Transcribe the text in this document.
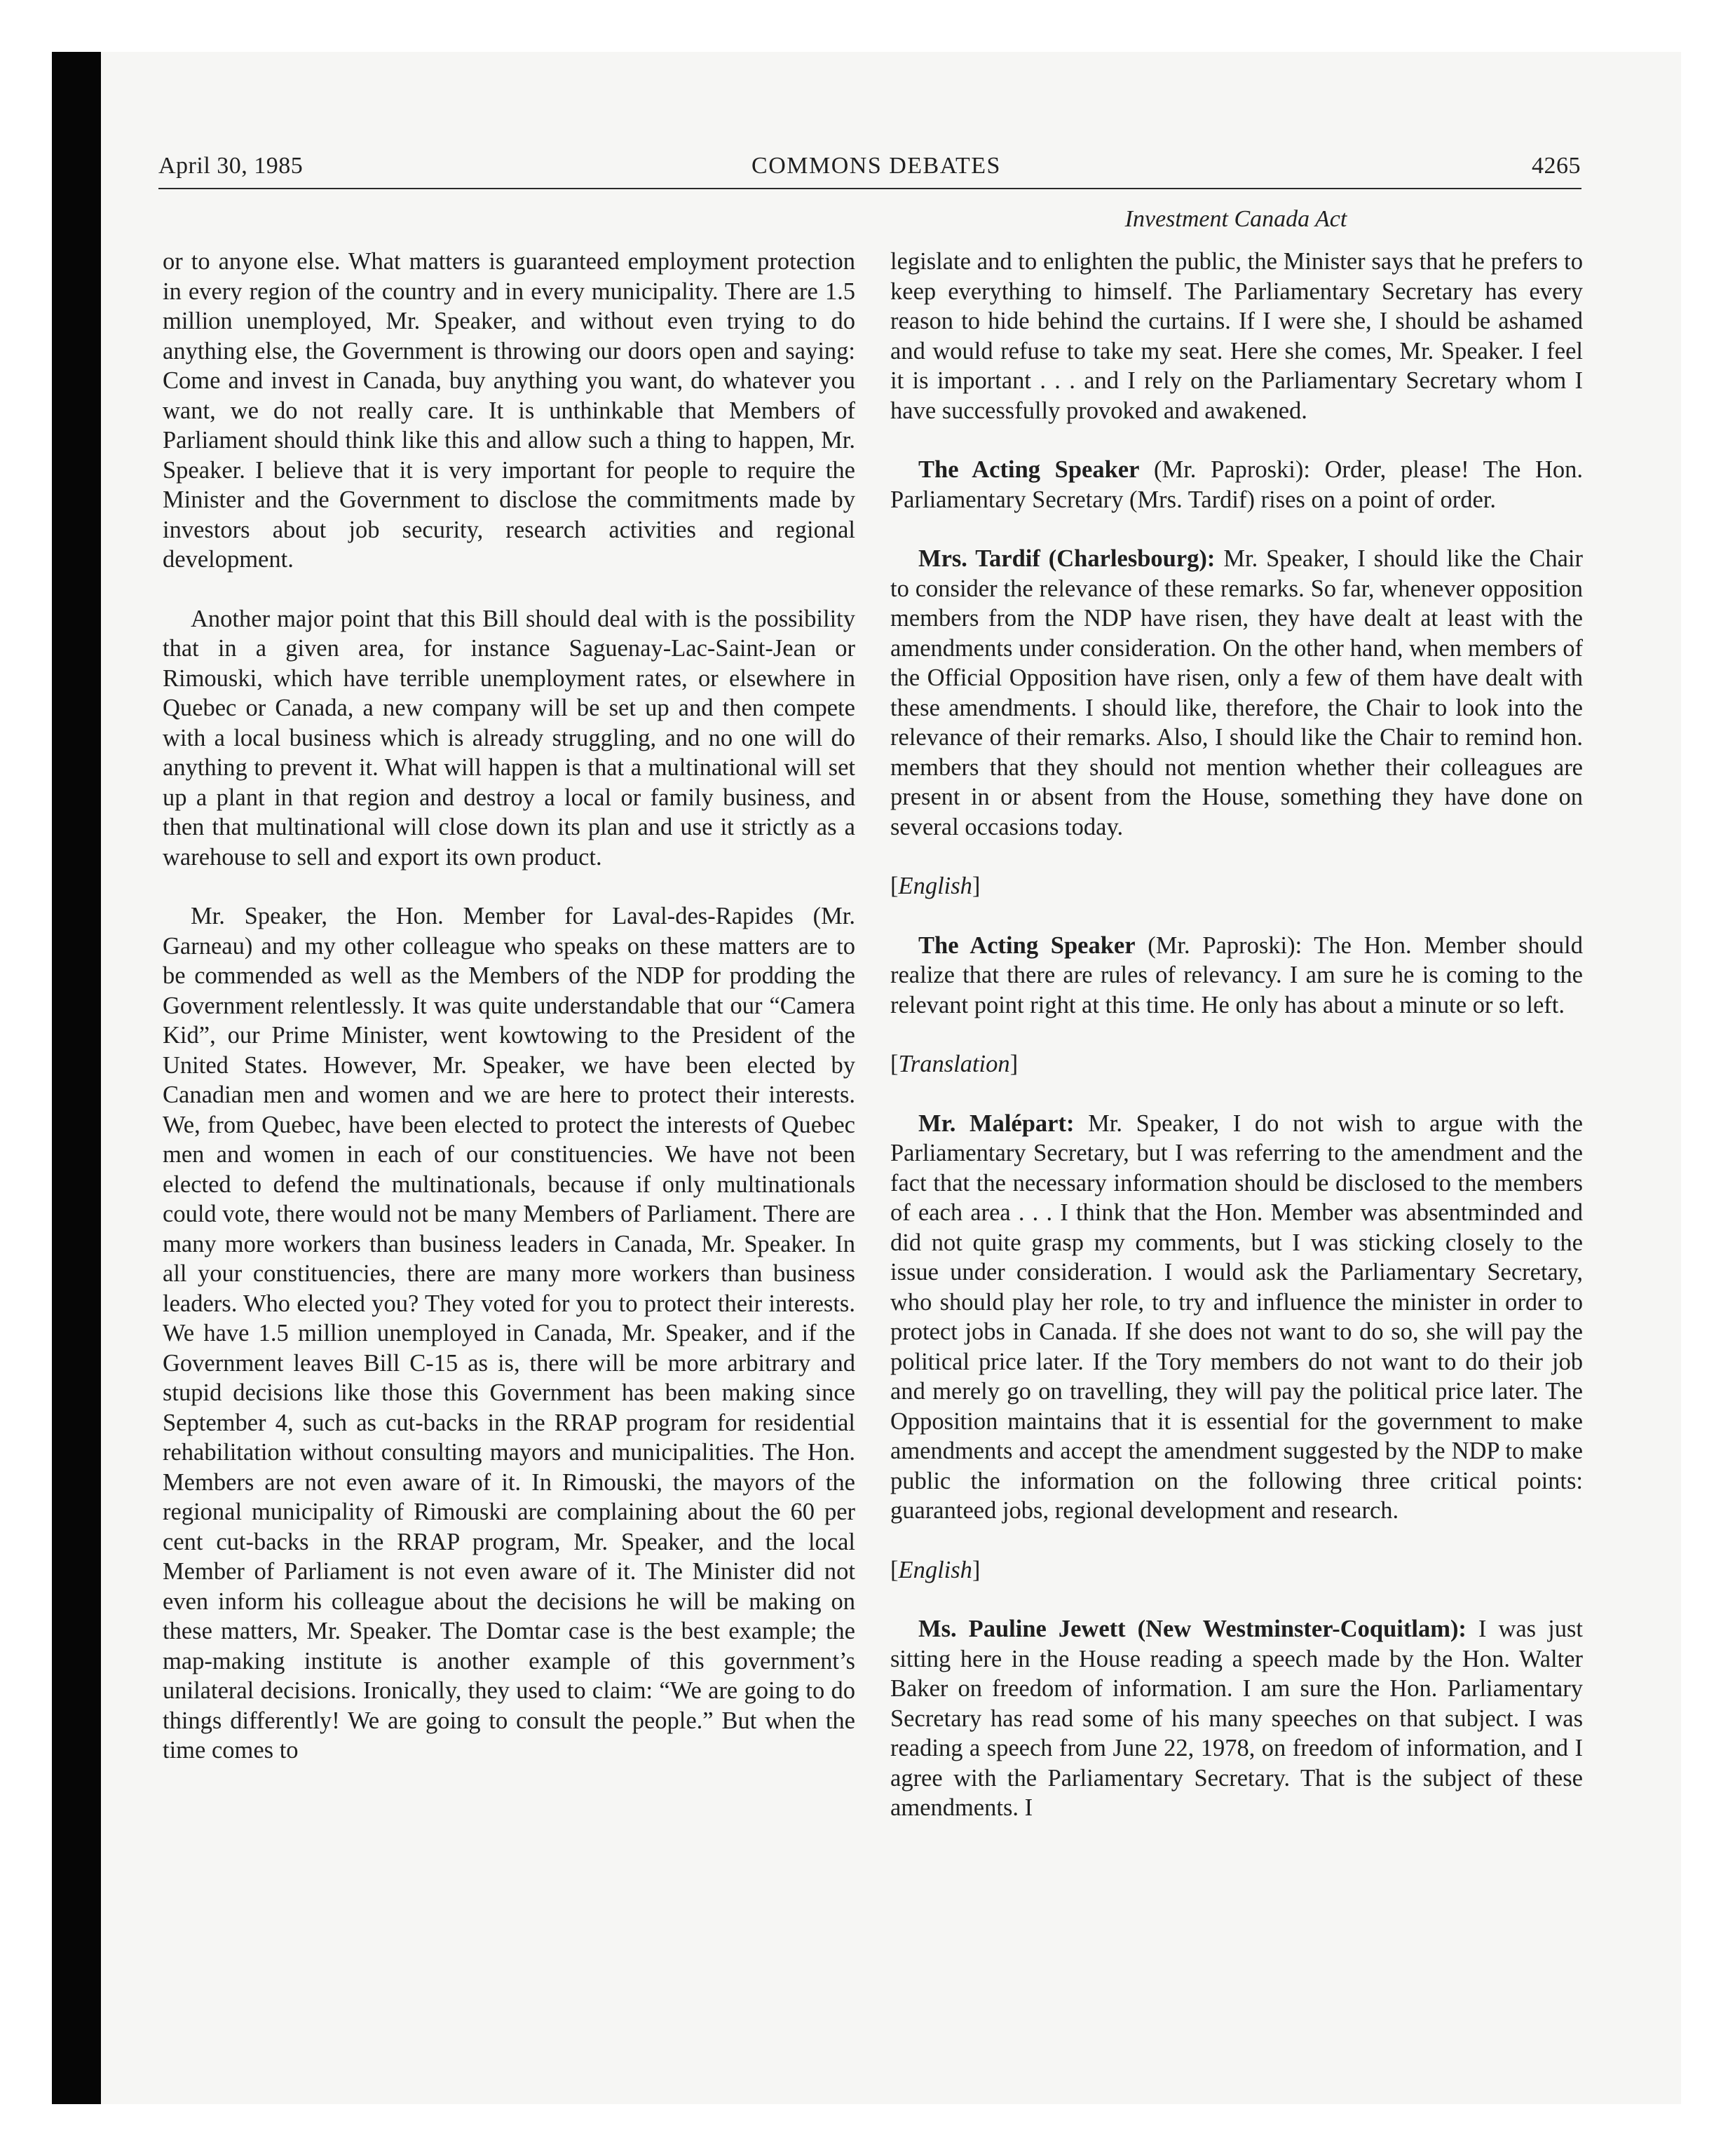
April 30, 1985	COMMONS DEBATES	4265
Investment Canada Act

or to anyone else. What matters is guaranteed employment protection in every region of the country and in every municipality. There are 1.5 million unemployed, Mr. Speaker, and without even trying to do anything else, the Government is throwing our doors open and saying: Come and invest in Canada, buy anything you want, do whatever you want, we do not really care. It is unthinkable that Members of Parliament should think like this and allow such a thing to happen, Mr. Speaker. I believe that it is very important for people to require the Minister and the Government to disclose the commitments made by investors about job security, research activities and regional development.

Another major point that this Bill should deal with is the possibility that in a given area, for instance Saguenay-Lac-Saint-Jean or Rimouski, which have terrible unemployment rates, or elsewhere in Quebec or Canada, a new company will be set up and then compete with a local business which is already struggling, and no one will do anything to prevent it. What will happen is that a multinational will set up a plant in that region and destroy a local or family business, and then that multinational will close down its plan and use it strictly as a warehouse to sell and export its own product.

Mr. Speaker, the Hon. Member for Laval-des-Rapides (Mr. Garneau) and my other colleague who speaks on these matters are to be commended as well as the Members of the NDP for prodding the Government relentlessly. It was quite understandable that our “Camera Kid”, our Prime Minister, went kowtowing to the President of the United States. However, Mr. Speaker, we have been elected by Canadian men and women and we are here to protect their interests. We, from Quebec, have been elected to protect the interests of Quebec men and women in each of our constituencies. We have not been elected to defend the multinationals, because if only multinationals could vote, there would not be many Members of Parliament. There are many more workers than business leaders in Canada, Mr. Speaker. In all your constituencies, there are many more workers than business leaders. Who elected you? They voted for you to protect their interests. We have 1.5 million unemployed in Canada, Mr. Speaker, and if the Government leaves Bill C-15 as is, there will be more arbitrary and stupid decisions like those this Government has been making since September 4, such as cut-backs in the RRAP program for residential rehabilitation without consulting mayors and municipalities. The Hon. Members are not even aware of it. In Rimouski, the mayors of the regional municipality of Rimouski are complaining about the 60 per cent cut-backs in the RRAP program, Mr. Speaker, and the local Member of Parliament is not even aware of it. The Minister did not even inform his colleague about the decisions he will be making on these matters, Mr. Speaker. The Domtar case is the best example; the map-making institute is another example of this government’s unilateral decisions. Ironically, they used to claim: “We are going to do things differently! We are going to consult the people.” But when the time comes to

legislate and to enlighten the public, the Minister says that he prefers to keep everything to himself. The Parliamentary Secretary has every reason to hide behind the curtains. If I were she, I should be ashamed and would refuse to take my seat. Here she comes, Mr. Speaker. I feel it is important . . . and I rely on the Parliamentary Secretary whom I have successfully provoked and awakened.

The Acting Speaker (Mr. Paproski): Order, please! The Hon. Parliamentary Secretary (Mrs. Tardif) rises on a point of order.

Mrs. Tardif (Charlesbourg): Mr. Speaker, I should like the Chair to consider the relevance of these remarks. So far, whenever opposition members from the NDP have risen, they have dealt at least with the amendments under consideration. On the other hand, when members of the Official Opposition have risen, only a few of them have dealt with these amendments. I should like, therefore, the Chair to look into the relevance of their remarks. Also, I should like the Chair to remind hon. members that they should not mention whether their colleagues are present in or absent from the House, something they have done on several occasions today.

[English]

The Acting Speaker (Mr. Paproski): The Hon. Member should realize that there are rules of relevancy. I am sure he is coming to the relevant point right at this time. He only has about a minute or so left.

[Translation]

Mr. Malépart: Mr. Speaker, I do not wish to argue with the Parliamentary Secretary, but I was referring to the amendment and the fact that the necessary information should be disclosed to the members of each area . . . I think that the Hon. Member was absentminded and did not quite grasp my comments, but I was sticking closely to the issue under consideration. I would ask the Parliamentary Secretary, who should play her role, to try and influence the minister in order to protect jobs in Canada. If she does not want to do so, she will pay the political price later. If the Tory members do not want to do their job and merely go on travelling, they will pay the political price later. The Opposition maintains that it is essential for the government to make amendments and accept the amendment suggested by the NDP to make public the information on the following three critical points: guaranteed jobs, regional development and research.

[English]

Ms. Pauline Jewett (New Westminster-Coquitlam): I was just sitting here in the House reading a speech made by the Hon. Walter Baker on freedom of information. I am sure the Hon. Parliamentary Secretary has read some of his many speeches on that subject. I was reading a speech from June 22, 1978, on freedom of information, and I agree with the Parliamentary Secretary. That is the subject of these amendments. I
